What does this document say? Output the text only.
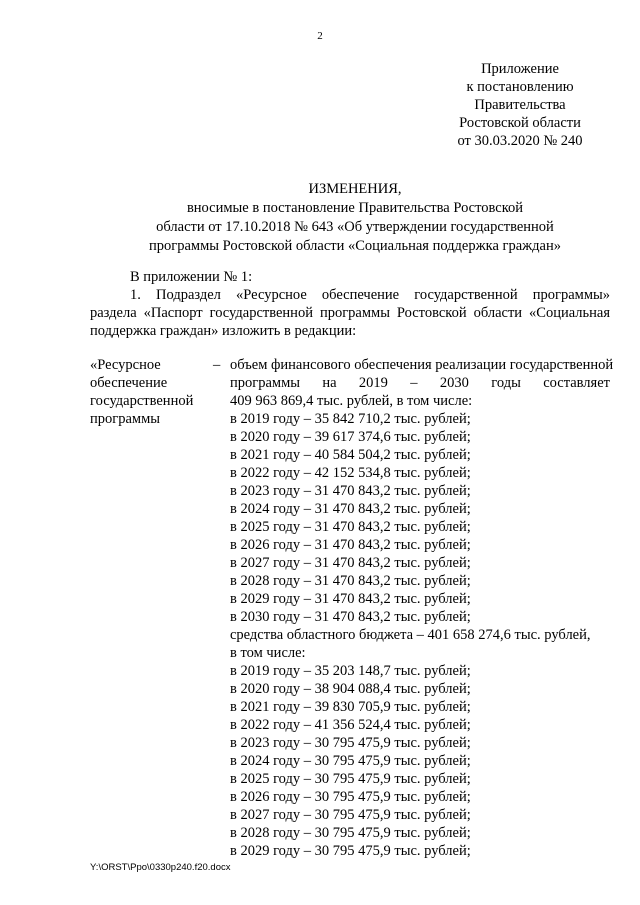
2
Приложение
к постановлению
Правительства
Ростовской области
от 30.03.2020 № 240
ИЗМЕНЕНИЯ,
вносимые в постановление Правительства Ростовской
области от 17.10.2018 № 643 «Об утверждении государственной
программы Ростовской области «Социальная поддержка граждан»

В приложении № 1:

1. Подраздел «Ресурсное обеспечение государственной программы»

раздела «Паспорт государственной программы Ростовской области «Социальная

поддержка граждан» изложить в редакции:

«Ресурсное
обеспечение
государственной
программы
– объем финансового обеспечения реализации государственной
программы на 2019 – 2030 годы составляет
409 963 869,4 тыс. рублей, в том числе:
в 2019 году – 35 842 710,2 тыс. рублей;
в 2020 году – 39 617 374,6 тыс. рублей;
в 2021 году – 40 584 504,2 тыс. рублей;
в 2022 году – 42 152 534,8 тыс. рублей;
в 2023 году – 31 470 843,2 тыс. рублей;
в 2024 году – 31 470 843,2 тыс. рублей;
в 2025 году – 31 470 843,2 тыс. рублей;
в 2026 году – 31 470 843,2 тыс. рублей;
в 2027 году – 31 470 843,2 тыс. рублей;
в 2028 году – 31 470 843,2 тыс. рублей;
в 2029 году – 31 470 843,2 тыс. рублей;
в 2030 году – 31 470 843,2 тыс. рублей;
средства областного бюджета – 401 658 274,6 тыс. рублей,
в том числе:
в 2019 году – 35 203 148,7 тыс. рублей;
в 2020 году – 38 904 088,4 тыс. рублей;
в 2021 году – 39 830 705,9 тыс. рублей;
в 2022 году – 41 356 524,4 тыс. рублей;
в 2023 году – 30 795 475,9 тыс. рублей;
в 2024 году – 30 795 475,9 тыс. рублей;
в 2025 году – 30 795 475,9 тыс. рублей;
в 2026 году – 30 795 475,9 тыс. рублей;
в 2027 году – 30 795 475,9 тыс. рублей;
в 2028 году – 30 795 475,9 тыс. рублей;
в 2029 году – 30 795 475,9 тыс. рублей;
Y:\ORST\Ppo\0330p240.f20.docx
